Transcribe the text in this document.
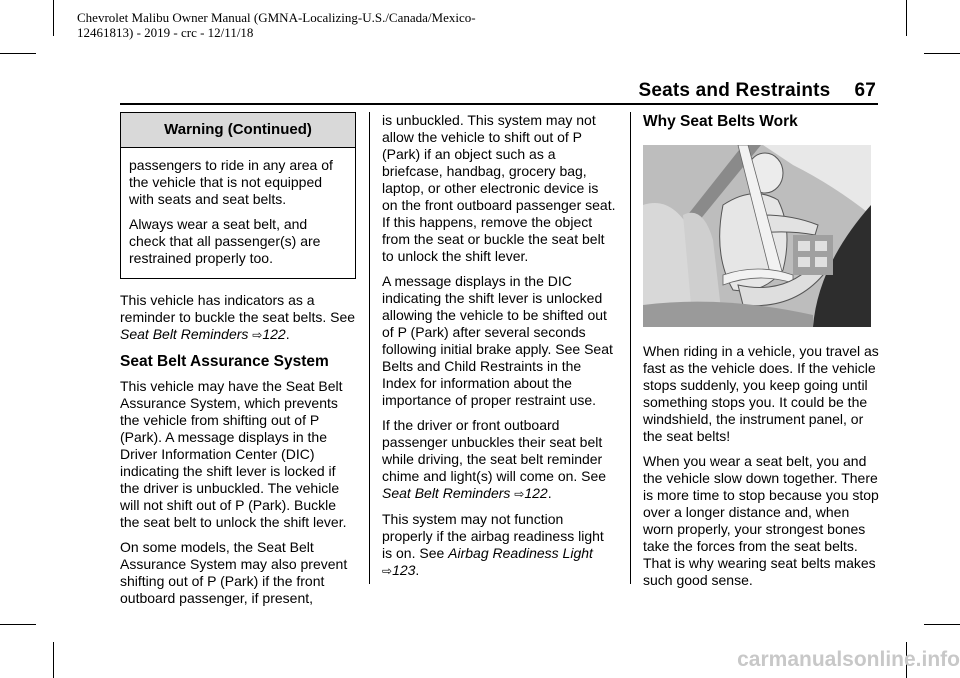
Chevrolet Malibu Owner Manual (GMNA-Localizing-U.S./Canada/Mexico-
12461813) - 2019 - crc - 12/11/18
Seats and Restraints 67
Warning (Continued)

passengers to ride in any area of the vehicle that is not equipped with seats and seat belts.

Always wear a seat belt, and check that all passenger(s) are restrained properly too.

This vehicle has indicators as a reminder to buckle the seat belts. See Seat Belt Reminders ⇨122.

Seat Belt Assurance System

This vehicle may have the Seat Belt Assurance System, which prevents the vehicle from shifting out of P (Park). A message displays in the Driver Information Center (DIC) indicating the shift lever is locked if the driver is unbuckled. The vehicle will not shift out of P (Park). Buckle the seat belt to unlock the shift lever.

On some models, the Seat Belt Assurance System may also prevent shifting out of P (Park) if the front outboard passenger, if present,

is unbuckled. This system may not allow the vehicle to shift out of P (Park) if an object such as a briefcase, handbag, grocery bag, laptop, or other electronic device is on the front outboard passenger seat. If this happens, remove the object from the seat or buckle the seat belt to unlock the shift lever.

A message displays in the DIC indicating the shift lever is unlocked allowing the vehicle to be shifted out of P (Park) after several seconds following initial brake apply. See Seat Belts and Child Restraints in the Index for information about the importance of proper restraint use.

If the driver or front outboard passenger unbuckles their seat belt while driving, the seat belt reminder chime and light(s) will come on. See Seat Belt Reminders ⇨122.

This system may not function properly if the airbag readiness light is on. See Airbag Readiness Light ⇨123.

Why Seat Belts Work

When riding in a vehicle, you travel as fast as the vehicle does. If the vehicle stops suddenly, you keep going until something stops you. It could be the windshield, the instrument panel, or the seat belts!

When you wear a seat belt, you and the vehicle slow down together. There is more time to stop because you stop over a longer distance and, when worn properly, your strongest bones take the forces from the seat belts. That is why wearing seat belts makes such good sense.

carmanualsonline.info
